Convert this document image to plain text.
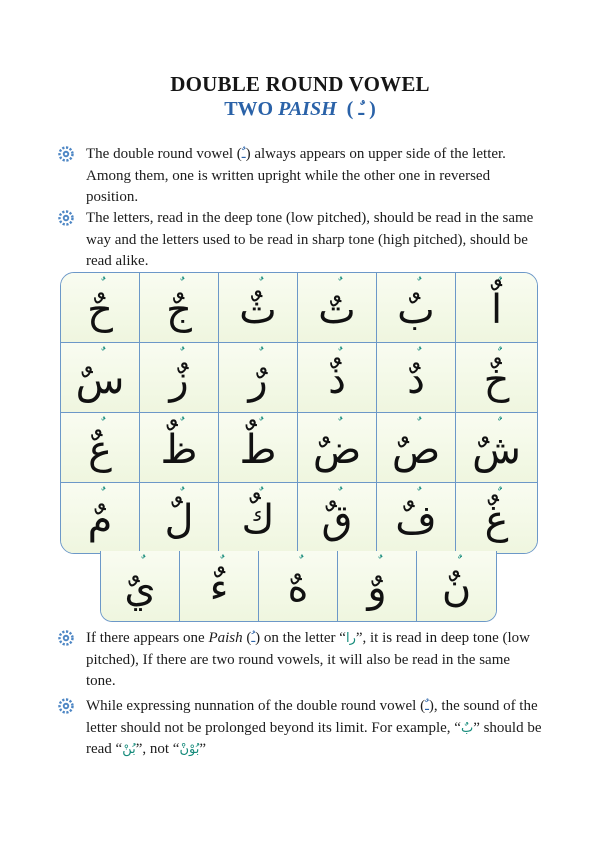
DOUBLE ROUND VOWEL
TWO PAISH ( ـٌ )
The double round vowel (ـٌ) always appears on upper side of the letter. Among them, one is written upright while the other one in reversed position.
The letters, read in the deep tone (low pitched), should be read in the same way and the letters used to be read in sharp tone (high pitched), should be read alike.
حٌ	جٌ	ثٌ	تٌ	بٌ	اٌ
سٌ	زٌ	رٌ	ذٌ	دٌ	خٌ
عٌ	ظٌ	طٌ ضٌ صٌ شٌ
مٌ	لٌ	كٌ	قٌ	فٌ	غٌ
يٌ	ءٌ	هٌ	وٌ	نٌ
If there appears one Paish (ـُ) on the letter “را”, it is read in deep tone (low pitched), If there are two round vowels, it will also be read in the same tone.
While expressing nunnation of the double round vowel (ـٌ), the sound of the letter should not be prolonged beyond its limit. For example, “بٌ” should be read “بُنْ”, not “بُوْنْ”
